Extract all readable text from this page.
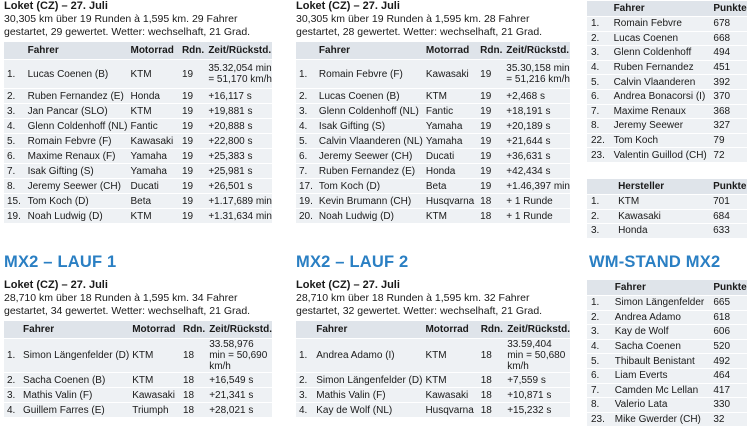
Loket (CZ) – 27. Juli
30,305 km über 19 Runden à 1,595 km. 29 Fahrer gestartet, 29 gewertet. Wetter: wechselhaft, 21 Grad.
	Fahrer	Motorrad	Rdn.	Zeit/Rückstd.
1.	Lucas Coenen (B)	KTM	19	35.32,054 min = 51,170 km/h
2.	Ruben Fernandez (E)	Honda	19	+16,117 s
3.	Jan Pancar (SLO)	KTM	19	+19,881 s
4.	Glenn Coldenhoff (NL)	Fantic	19	+20,888 s
5.	Romain Febvre (F)	Kawasaki	19	+22,800 s
6.	Maxime Renaux (F)	Yamaha	19	+25,383 s
7.	Isak Gifting (S)	Yamaha	19	+25,981 s
8.	Jeremy Seewer (CH)	Ducati	19	+26,501 s
15.	Tom Koch (D)	Beta	19	+1.17,689 min
19.	Noah Ludwig (D)	KTM	19	+1.31,634 min
Loket (CZ) – 27. Juli
30,305 km über 19 Runden à 1,595 km. 28 Fahrer gestartet, 28 gewertet. Wetter: wechselhaft, 21 Grad.
	Fahrer	Motorrad	Rdn.	Zeit/Rückstd.
1.	Romain Febvre (F)	Kawasaki	19	35.30,158 min = 51,216 km/h
2.	Lucas Coenen (B)	KTM	19	+2,468 s
3.	Glenn Coldenhoff (NL)	Fantic	19	+18,191 s
4.	Isak Gifting (S)	Yamaha	19	+20,189 s
5.	Calvin Vlaanderen (NL)	Yamaha	19	+21,644 s
6.	Jeremy Seewer (CH)	Ducati	19	+36,631 s
7.	Ruben Fernandez (E)	Honda	19	+42,434 s
17.	Tom Koch (D)	Beta	19	+1.46,397 min
19.	Kevin Brumann (CH)	Husqvarna	18	+ 1 Runde
20.	Noah Ludwig (D)	KTM	18	+ 1 Runde
MX2 – LAUF 1
Loket (CZ) – 27. Juli
28,710 km über 18 Runden à 1,595 km. 34 Fahrer gestartet, 34 gewertet. Wetter: wechselhaft, 21 Grad.
	Fahrer	Motorrad	Rdn.	Zeit/Rückstd.
1.	Simon Längenfelder (D)	KTM	18	33.58,976 min = 50,690 km/h
2.	Sacha Coenen (B)	KTM	18	+16,549 s
3.	Mathis Valin (F)	Kawasaki	18	+21,341 s
4.	Guillem Farres (E)	Triumph	18	+28,021 s
MX2 – LAUF 2
Loket (CZ) – 27. Juli
28,710 km über 18 Runden à 1,595 km. 32 Fahrer gestartet, 32 gewertet. Wetter: wechselhaft, 21 Grad.
	Fahrer	Motorrad	Rdn.	Zeit/Rückstd.
1.	Andrea Adamo (I)	KTM	18	33.59,404 min = 50,680 km/h
2.	Simon Längenfelder (D)	KTM	18	+7,559 s
3.	Mathis Valin (F)	Kawasaki	18	+10,871 s
4.	Kay de Wolf (NL)	Husqvarna	18	+15,232 s
	Fahrer	Punkte
1.	Romain Febvre	678
2.	Lucas Coenen	668
3.	Glenn Coldenhoff	494
4.	Ruben Fernandez	451
5.	Calvin Vlaanderen	392
6.	Andrea Bonacorsi (I)	370
7.	Maxime Renaux	368
8.	Jeremy Seewer	327
22.	Tom Koch	79
23.	Valentin Guillod (CH)	72
	Hersteller	Punkte
1.	KTM	701
2.	Kawasaki	684
3.	Honda	633
WM-STAND MX2
	Fahrer	Punkte
1.	Simon Längenfelder	665
2.	Andrea Adamo	618
3.	Kay de Wolf	606
4.	Sacha Coenen	520
5.	Thibault Benistant	492
6.	Liam Everts	464
7.	Camden Mc Lellan	417
8.	Valerio Lata	330
23.	Mike Gwerder (CH)	32
